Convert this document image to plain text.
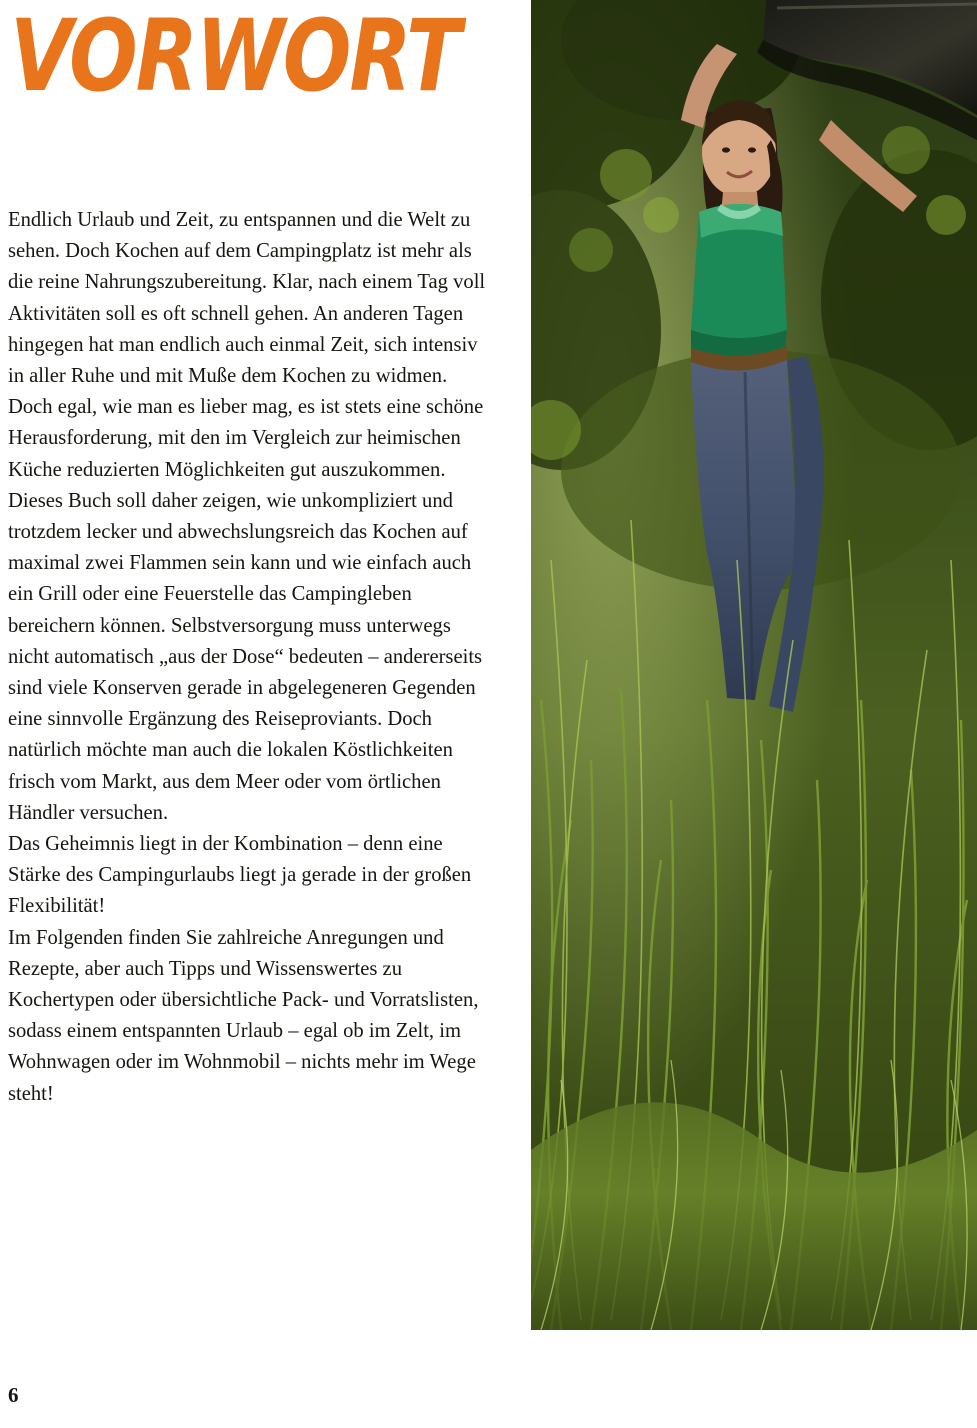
VORWORT

Endlich Urlaub und Zeit, zu entspannen und die Welt zu sehen. Doch Kochen auf dem Campingplatz ist mehr als die reine Nahrungszubereitung. Klar, nach einem Tag voll Aktivitäten soll es oft schnell gehen. An anderen Tagen hingegen hat man endlich auch einmal Zeit, sich intensiv in aller Ruhe und mit Muße dem Kochen zu widmen. Doch egal, wie man es lieber mag, es ist stets eine schöne Herausforderung, mit den im Vergleich zur heimischen Küche reduzierten Möglichkeiten gut auszukommen.

Dieses Buch soll daher zeigen, wie unkompliziert und trotzdem lecker und abwechslungsreich das Kochen auf maximal zwei Flammen sein kann und wie einfach auch ein Grill oder eine Feuerstelle das Campingleben bereichern können. Selbstversorgung muss unterwegs nicht automatisch „aus der Dose“ bedeuten – andererseits sind viele Konserven gerade in abgelegeneren Gegenden eine sinnvolle Ergänzung des Reiseproviants. Doch natürlich möchte man auch die lokalen Köstlichkeiten frisch vom Markt, aus dem Meer oder vom örtlichen Händler versuchen.

Das Geheimnis liegt in der Kombination – denn eine Stärke des Campingurlaubs liegt ja gerade in der großen Flexibilität!

Im Folgenden finden Sie zahlreiche Anregungen und Rezepte, aber auch Tipps und Wissenswertes zu Kochertypen oder übersichtliche Pack- und Vorratslisten, sodass einem entspannten Urlaub – egal ob im Zelt, im Wohnwagen oder im Wohnmobil – nichts mehr im Wege steht!

6
